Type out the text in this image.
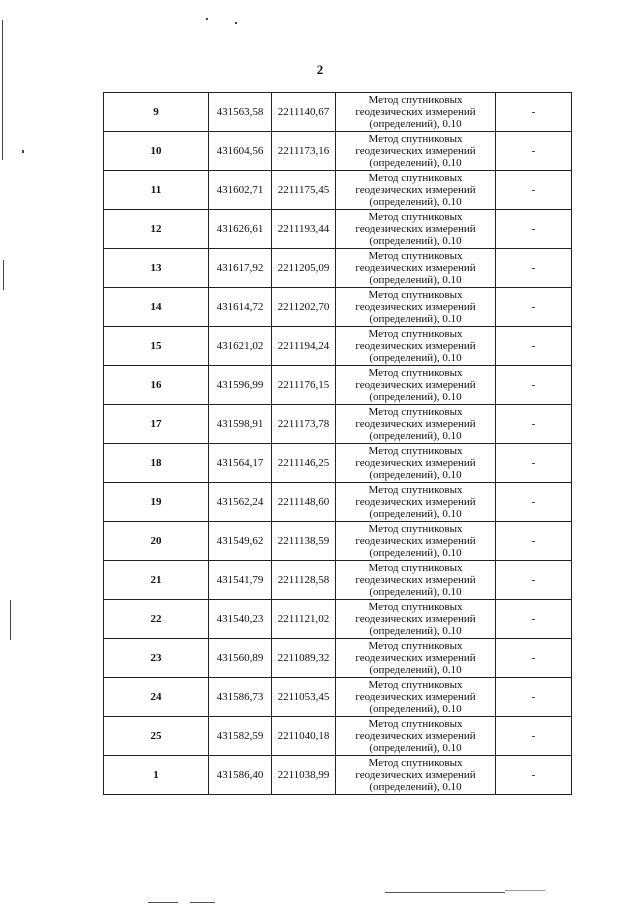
2
9	431563,58	2211140,67	Метод спутниковых
геодезических измерений
(определений), 0.10	-
10	431604,56	2211173,16	Метод спутниковых
геодезических измерений
(определений), 0.10	-
11	431602,71	2211175,45	Метод спутниковых
геодезических измерений
(определений), 0.10	-
12	431626,61	2211193,44	Метод спутниковых
геодезических измерений
(определений), 0.10	-
13	431617,92	2211205,09	Метод спутниковых
геодезических измерений
(определений), 0.10	-
14	431614,72	2211202,70	Метод спутниковых
геодезических измерений
(определений), 0.10	-
15	431621,02	2211194,24	Метод спутниковых
геодезических измерений
(определений), 0.10	-
16	431596,99	2211176,15	Метод спутниковых
геодезических измерений
(определений), 0.10	-
17	431598,91	2211173,78	Метод спутниковых
геодезических измерений
(определений), 0.10	-
18	431564,17	2211146,25	Метод спутниковых
геодезических измерений
(определений), 0.10	-
19	431562,24	2211148,60	Метод спутниковых
геодезических измерений
(определений), 0.10	-
20	431549,62	2211138,59	Метод спутниковых
геодезических измерений
(определений), 0.10	-
21	431541,79	2211128,58	Метод спутниковых
геодезических измерений
(определений), 0.10	-
22	431540,23	2211121,02	Метод спутниковых
геодезических измерений
(определений), 0.10	-
23	431560,89	2211089,32	Метод спутниковых
геодезических измерений
(определений), 0.10	-
24	431586,73	2211053,45	Метод спутниковых
геодезических измерений
(определений), 0.10	-
25	431582,59	2211040,18	Метод спутниковых
геодезических измерений
(определений), 0.10	-
1	431586,40	2211038,99	Метод спутниковых
геодезических измерений
(определений), 0.10	-
